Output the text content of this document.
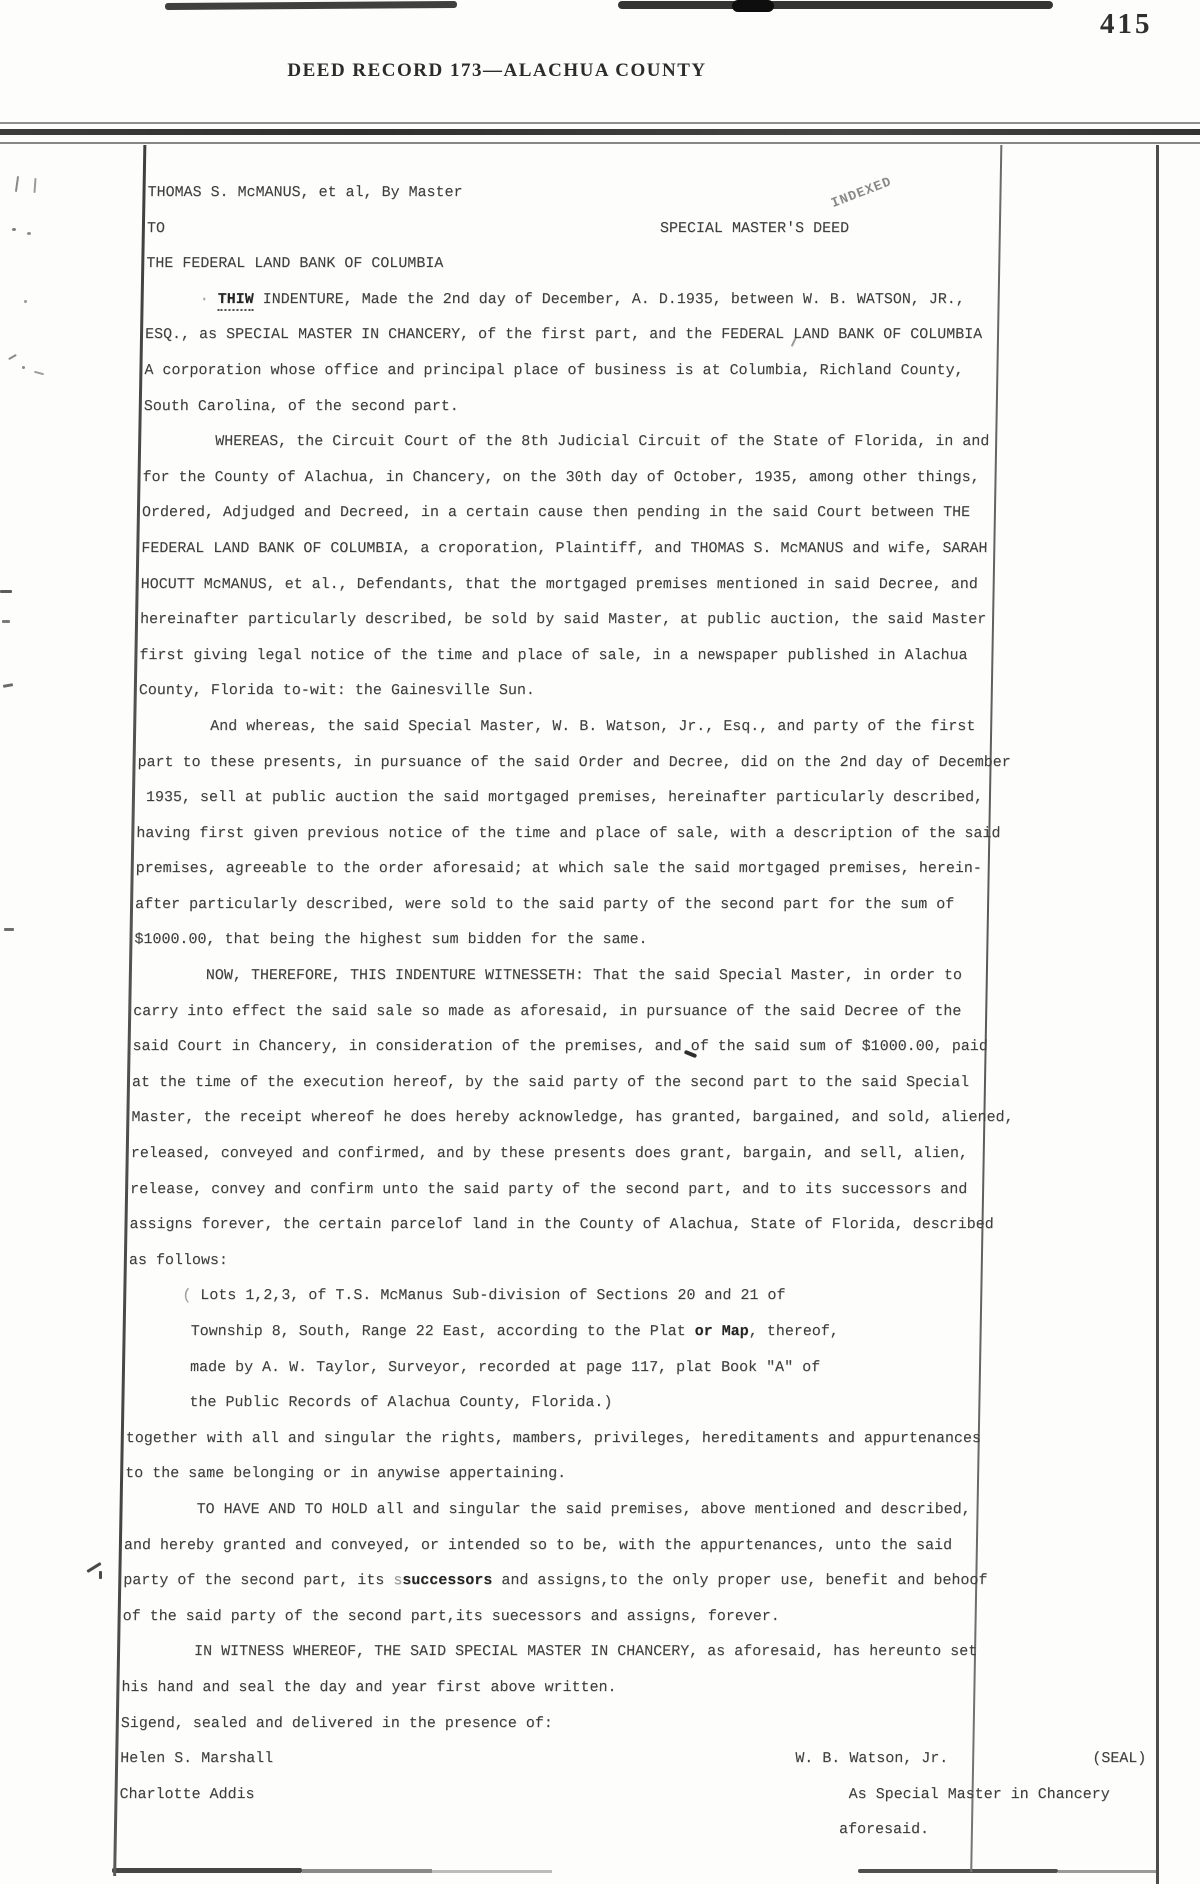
415
DEED RECORD 173—ALACHUA COUNTY
INDEXED
THOMAS S. McMANUS, et al, By Master
TO                                                       SPECIAL MASTER'S DEED
THE FEDERAL LAND BANK OF COLUMBIA
· THIW INDENTURE, Made the 2nd day of December, A. D.1935, between W. B. WATSON, JR.,
ESQ., as SPECIAL MASTER IN CHANCERY, of the first part, and the FEDERAL LAND BANK OF COLUMBIA
A corporation whose office and principal place of business is at Columbia, Richland County,
South Carolina, of the second part.
WHEREAS, the Circuit Court of the 8th Judicial Circuit of the State of Florida, in and
for the County of Alachua, in Chancery, on the 30th day of October, 1935, among other things,
Ordered, Adjudged and Decreed, in a certain cause then pending in the said Court between THE
FEDERAL LAND BANK OF COLUMBIA, a croporation, Plaintiff, and THOMAS S. McMANUS and wife, SARAH
HOCUTT McMANUS, et al., Defendants, that the mortgaged premises mentioned in said Decree, and
hereinafter particularly described, be sold by said Master, at public auction, the said Master
first giving legal notice of the time and place of sale, in a newspaper published in Alachua
County, Florida to-wit: the Gainesville Sun.
And whereas, the said Special Master, W. B. Watson, Jr., Esq., and party of the first
part to these presents, in pursuance of the said Order and Decree, did on the 2nd day of December
1935, sell at public auction the said mortgaged premises, hereinafter particularly described,
having first given previous notice of the time and place of sale, with a description of the said
premises, agreeable to the order aforesaid; at which sale the said mortgaged premises, herein-
after particularly described, were sold to the said party of the second part for the sum of
$1000.00, that being the highest sum bidden for the same.
NOW, THEREFORE, THIS INDENTURE WITNESSETH: That the said Special Master, in order to
carry into effect the said sale so made as aforesaid, in pursuance of the said Decree of the
said Court in Chancery, in consideration of the premises, and of the said sum of $1000.00, paid
at the time of the execution hereof, by the said party of the second part to the said Special
Master, the receipt whereof he does hereby acknowledge, has granted, bargained, and sold, aliened,
released, conveyed and confirmed, and by these presents does grant, bargain, and sell, alien,
release, convey and confirm unto the said party of the second part, and to its successors and
assigns forever, the certain parcelof land in the County of Alachua, State of Florida, described
as follows:
( Lots 1,2,3, of T.S. McManus Sub-division of Sections 20 and 21 of
Township 8, South, Range 22 East, according to the Plat or Map, thereof,
made by A. W. Taylor, Surveyor, recorded at page 117, plat Book "A" of
the Public Records of Alachua County, Florida.)
together with all and singular the rights, mambers, privileges, hereditaments and appurtenances
to the same belonging or in anywise appertaining.
TO HAVE AND TO HOLD all and singular the said premises, above mentioned and described,
and hereby granted and conveyed, or intended so to be, with the appurtenances, unto the said
party of the second part, its ssuccessors and assigns,to the only proper use, benefit and behoof
of the said party of the second part,its suecessors and assigns, forever.
IN WITNESS WHEREOF, THE SAID SPECIAL MASTER IN CHANCERY, as aforesaid, has hereunto set
his hand and seal the day and year first above written.
Sigend, sealed and delivered in the presence of:
Helen S. Marshall                                                          W. B. Watson, Jr.                (SEAL)
Charlotte Addis                                                                  As Special Master in Chancery
aforesaid.
